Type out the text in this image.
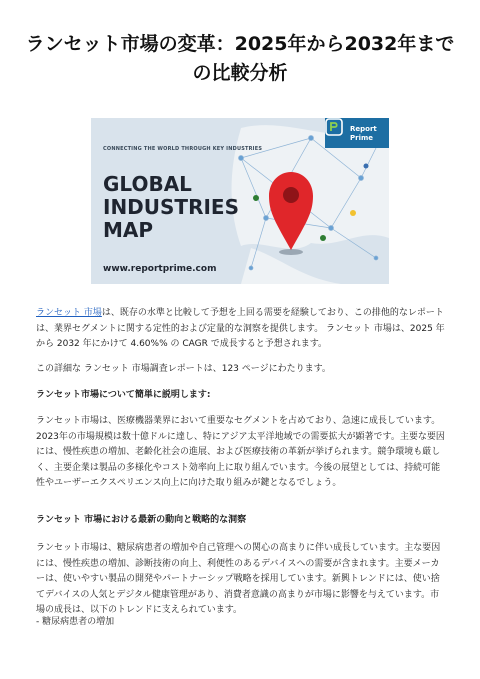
ランセット市場の変革：2025年から2032年まで
の比較分析
CONNECTING THE WORLD THROUGH KEY INDUSTRIES
GLOBAL
INDUSTRIES
MAP
www.reportprime.com
Report
Prime

ランセット 市場は、既存の水準と比較して予想を上回る需要を経験しており、この排他的なレポートは、業界セグメントに関する定性的および定量的な洞察を提供します。 ランセット 市場は、2025 年から 2032 年にかけて 4.60%% の CAGR で成長すると予想されます。

この詳細な ランセット 市場調査レポートは、123 ページにわたります。

ランセット市場について簡単に説明します:

ランセット市場は、医療機器業界において重要なセグメントを占めており、急速に成長しています。2023年の市場規模は数十億ドルに達し、特にアジア太平洋地域での需要拡大が顕著です。主要な要因には、慢性疾患の増加、老齢化社会の進展、および医療技術の革新が挙げられます。競争環境も厳しく、主要企業は製品の多様化やコスト効率向上に取り組んでいます。今後の展望としては、持続可能性やユーザーエクスペリエンス向上に向けた取り組みが鍵となるでしょう。

ランセット 市場における最新の動向と戦略的な洞察

ランセット市場は、糖尿病患者の増加や自己管理への関心の高まりに伴い成長しています。主な要因には、慢性疾患の増加、診断技術の向上、利便性のあるデバイスへの需要が含まれます。主要メーカーは、使いやすい製品の開発やパートナーシップ戦略を採用しています。新興トレンドには、使い捨てデバイスの人気とデジタル健康管理があり、消費者意識の高まりが市場に影響を与えています。市場の成長は、以下のトレンドに支えられています。

- 糖尿病患者の増加
